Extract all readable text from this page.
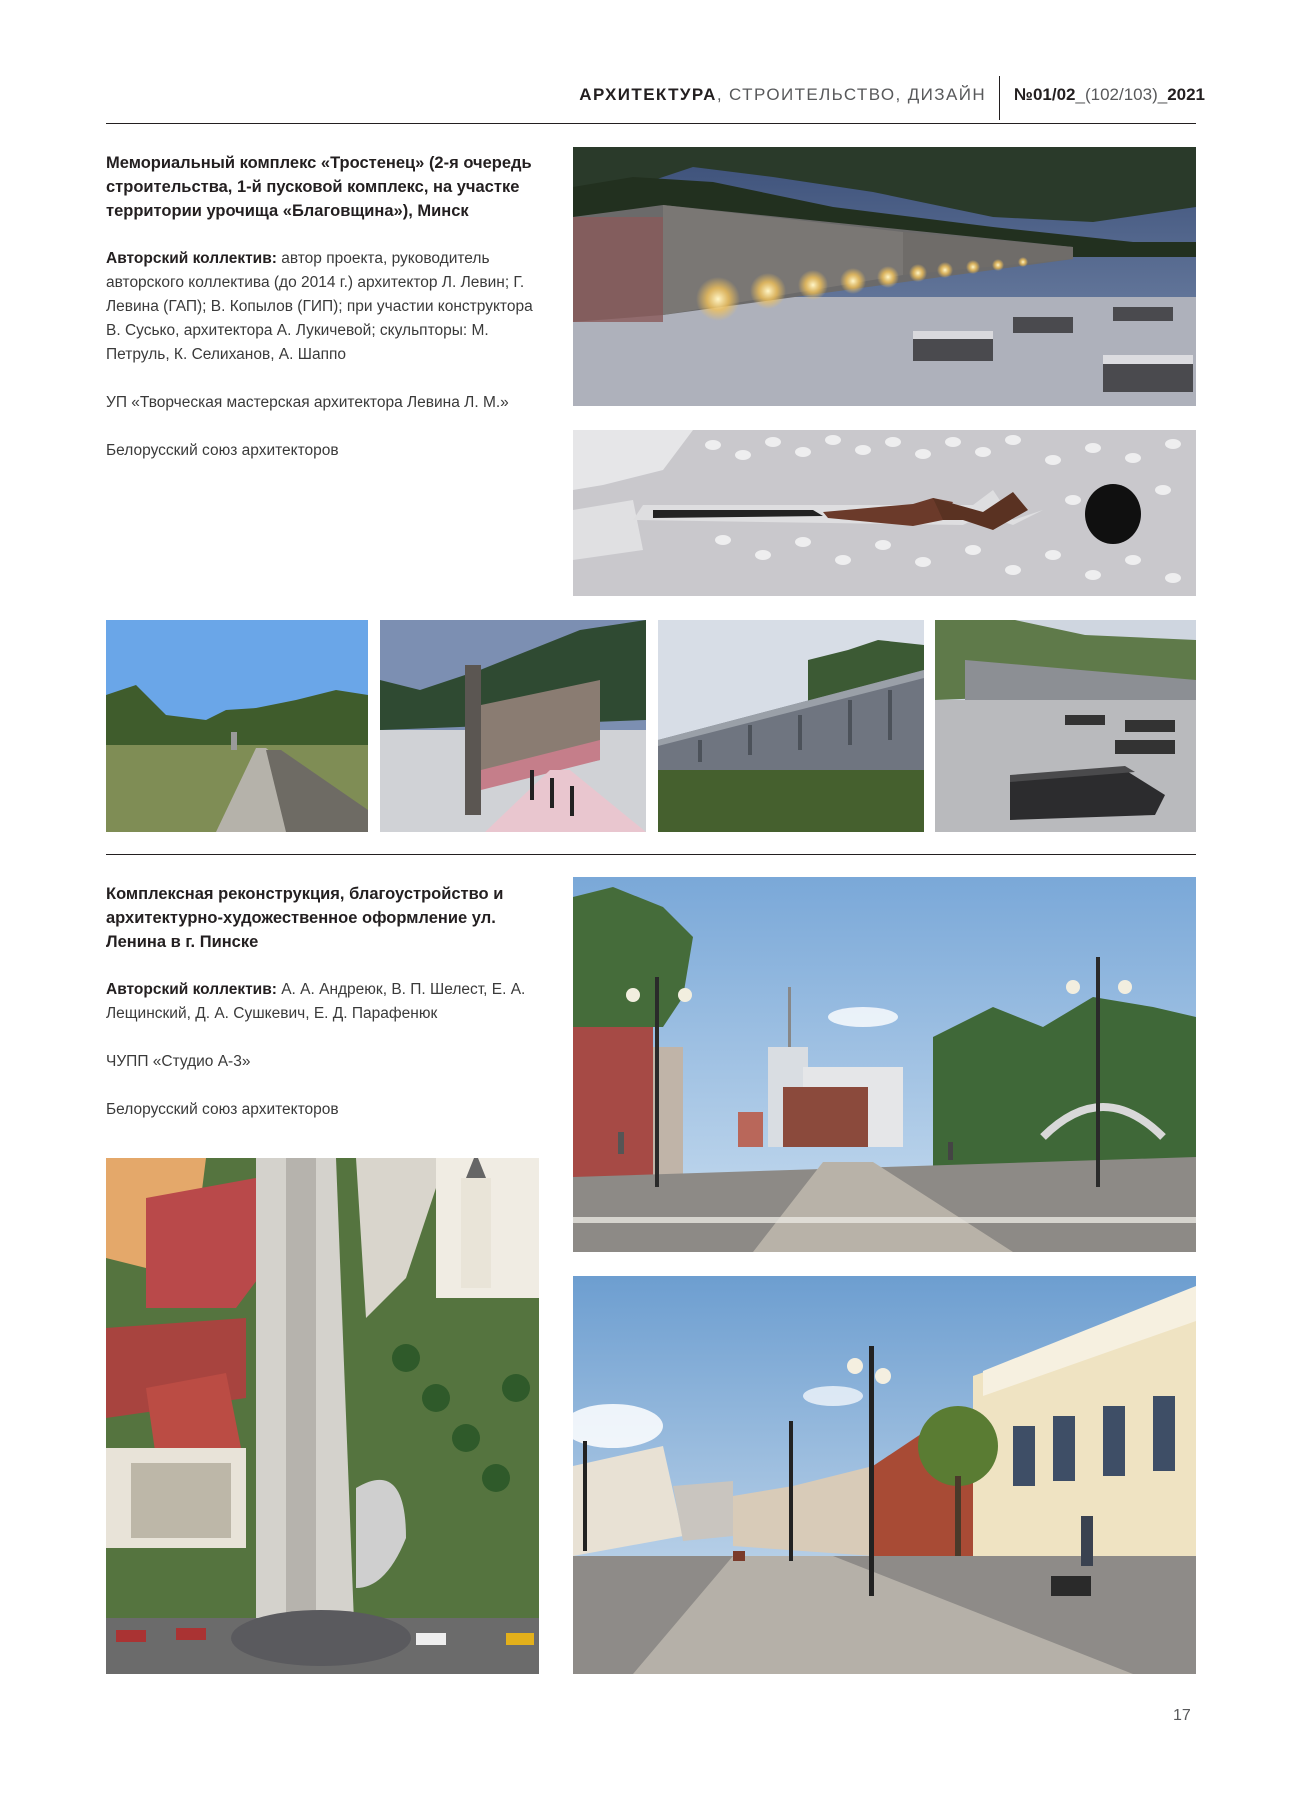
АРХИТЕКТУРА, СТРОИТЕЛЬСТВО, ДИЗАЙН №01/02_(102/103)_2021

Мемориальный комплекс «Тростенец» (2-я очередь строительства, 1-й пусковой комплекс, на участке территории урочища «Благовщина»), Минск

Авторский коллектив: автор проекта, руководитель авторского коллектива (до 2014 г.) архитектор Л. Левин; Г. Левина (ГАП); В. Копылов (ГИП); при участии конструктора В. Сусько, архитектора А. Лукичевой; скульпторы: М. Петруль, К. Селиханов, А. Шаппо

УП «Творческая мастерская архитектора Левина Л. М.»

Белорусский союз архитекторов

Комплексная реконструкция, благоустройство и архитектурно-художественное оформление ул. Ленина в г. Пинске

Авторский коллектив: А. А. Андреюк, В. П. Шелест, Е. А. Лещинский, Д. А. Сушкевич, Е. Д. Парафенюк

ЧУПП «Студио А-3»

Белорусский союз архитекторов

17
